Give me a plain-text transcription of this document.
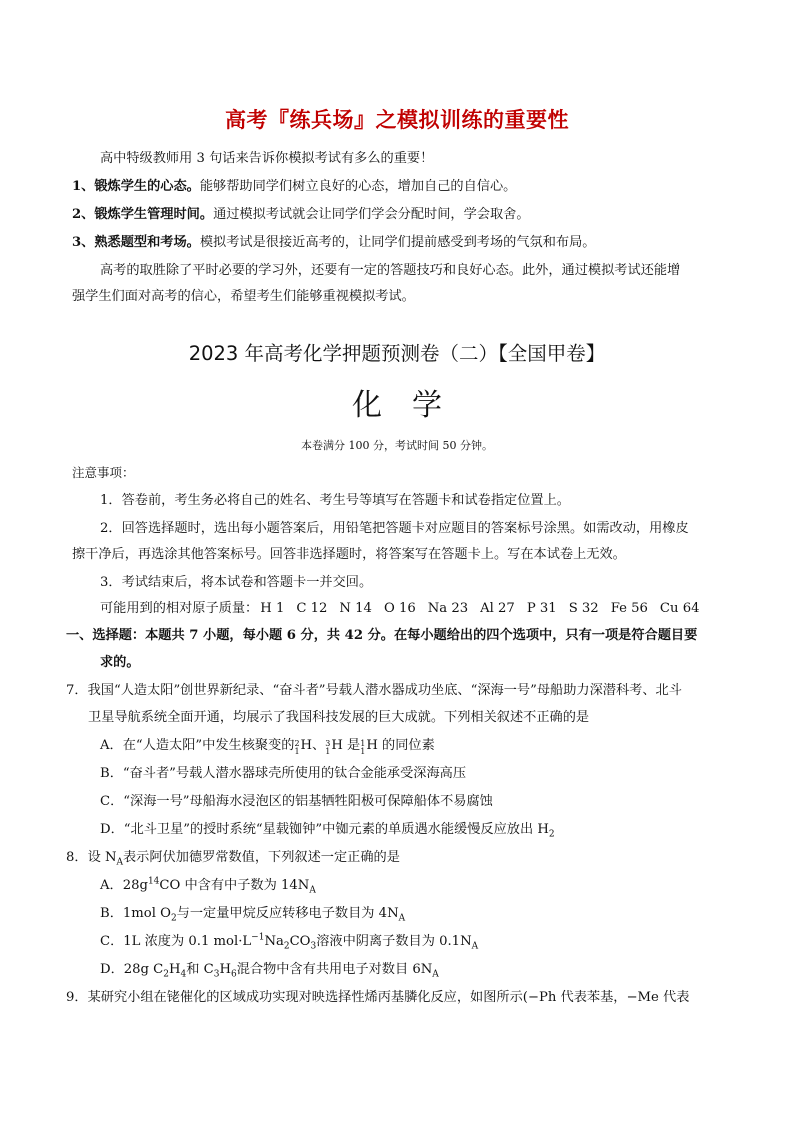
高考『练兵场』之模拟训练的重要性
高中特级教师用 3 句话来告诉你模拟考试有多么的重要！
1、锻炼学生的心态。能够帮助同学们树立良好的心态，增加自己的自信心。
2、锻炼学生管理时间。通过模拟考试就会让同学们学会分配时间，学会取舍。
3、熟悉题型和考场。模拟考试是很接近高考的，让同学们提前感受到考场的气氛和布局。
高考的取胜除了平时必要的学习外，还要有一定的答题技巧和良好心态。此外，通过模拟考试还能增
强学生们面对高考的信心，希望考生们能够重视模拟考试。
2023 年高考化学押题预测卷（二）【全国甲卷】
化学
本卷满分 100 分，考试时间 50 分钟。
注意事项：
1．答卷前，考生务必将自己的姓名、考生号等填写在答题卡和试卷指定位置上。
2．回答选择题时，选出每小题答案后，用铅笔把答题卡对应题目的答案标号涂黑。如需改动，用橡皮
擦干净后，再选涂其他答案标号。回答非选择题时，将答案写在答题卡上。写在本试卷上无效。
3．考试结束后，将本试卷和答题卡一并交回。
可能用到的相对原子质量： H 1 C 12 N 14 O 16 Na 23 Al 27 P 31 S 32 Fe 56 Cu 64
一、选择题：本题共 7 小题，每小题 6 分，共 42 分。在每小题给出的四个选项中，只有一项是符合题目要
求的。
7．我国“人造太阳”创世界新纪录、“奋斗者”号载人潜水器成功坐底、“深海一号”母船助力深潜科考、北斗
卫星导航系统全面开通，均展示了我国科技发展的巨大成就。下列相关叙述不正确的是
A．在“人造太阳”中发生核聚变的 2
1 H、 3
1 H 是 1
1 H 的同位素
B．“奋斗者”号载人潜水器球壳所使用的钛合金能承受深海高压
C．“深海一号”母船海水浸泡区的铝基牺牲阳极可保障船体不易腐蚀
D．“北斗卫星”的授时系统“星载铷钟”中铷元素的单质遇水能缓慢反应放出 $H_2$
8．设 $N_A$表示阿伏加德罗常数值，下列叙述一定正确的是
A．$28g^{14}CO$ 中含有中子数为 $14N_A$
B．1mol $O_2$与一定量甲烷反应转移电子数目为 $4N_A$
C．1L 浓度为 0.1 $mol\cdot L^{-1}Na_2CO_3$溶液中阴离子数目为 $0.1N_A$
D．28g $C_2H_4$和 $C_3H_6$混合物中含有共用电子对数目 $6N_A$
9．某研究小组在铑催化的区域成功实现对映选择性烯丙基膦化反应，如图所示(−Ph 代表苯基，−Me 代表
